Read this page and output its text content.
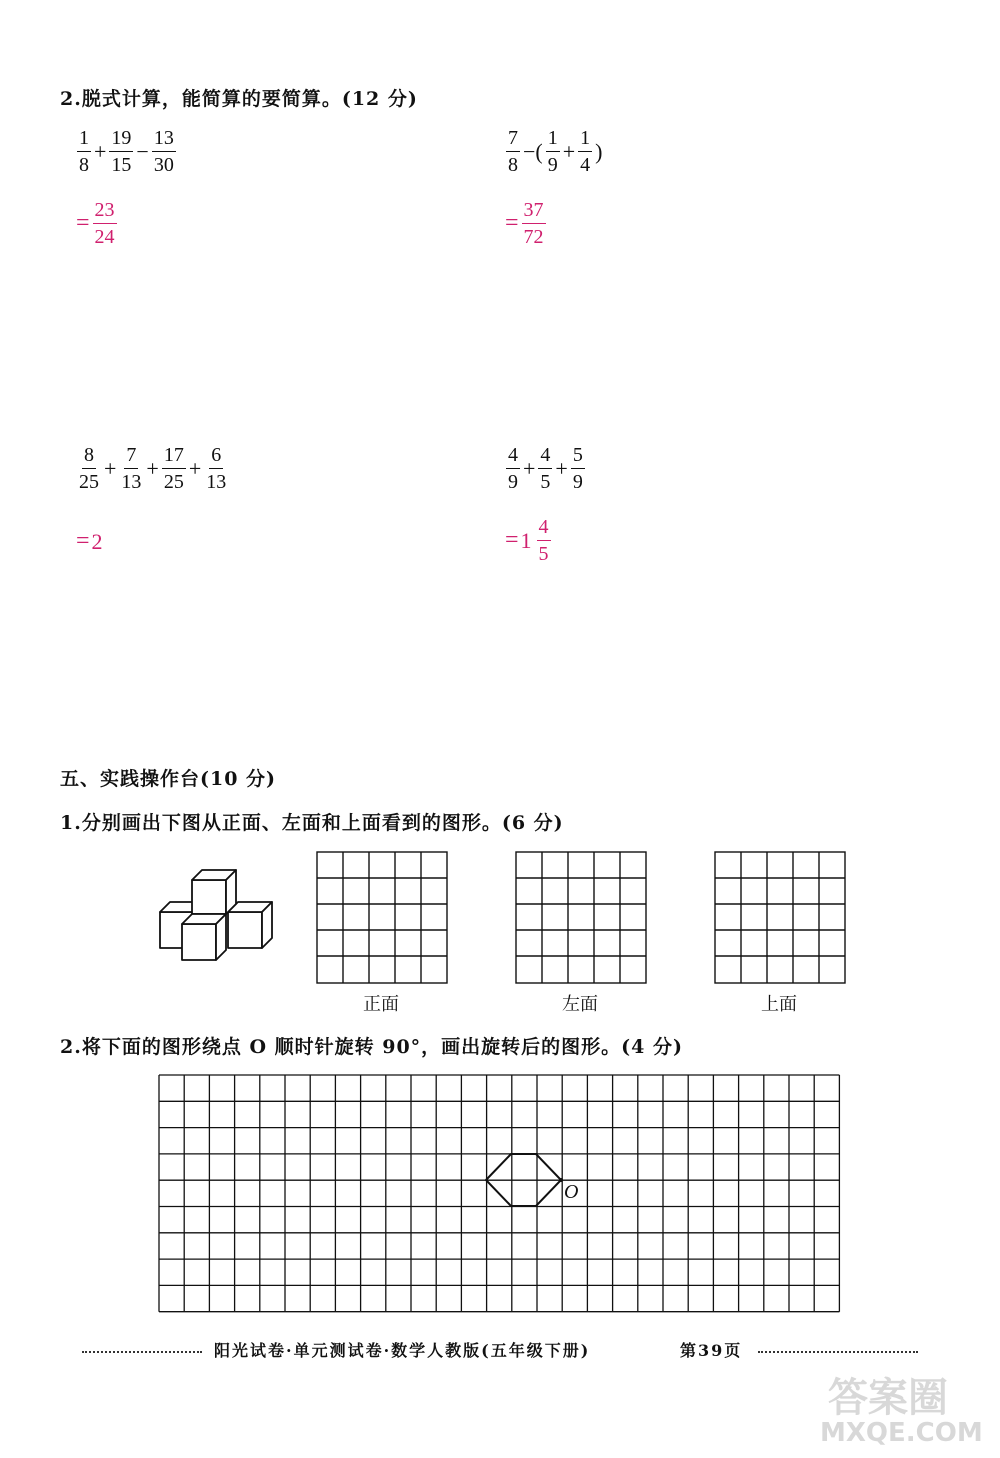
2.脱式计算，能简算的要简算。(12 分)
$\frac{1}{8} + \frac{19}{15} - \frac{13}{30}$
= $\frac{23}{24}$
$\frac{7}{8}$ −( $\frac{1}{9} + \frac{1}{4}$ )
= $\frac{37}{72}$
$\frac{8}{25} + \frac{7}{13} + \frac{17}{25} + \frac{6}{13}$
= 2
$\frac{4}{9} + \frac{4}{5} + \frac{5}{9}$
= $1 \frac{4}{5}$
五、实践操作台(10 分)
1.分别画出下图从正面、左面和上面看到的图形。(6 分)
正面	左面	上面
2.将下面的图形绕点 O 顺时针旋转 90°，画出旋转后的图形。(4 分)
O
阳光试卷·单元测试卷·数学人教版(五年级下册)	第39页
答案圈
MXQE.COM
